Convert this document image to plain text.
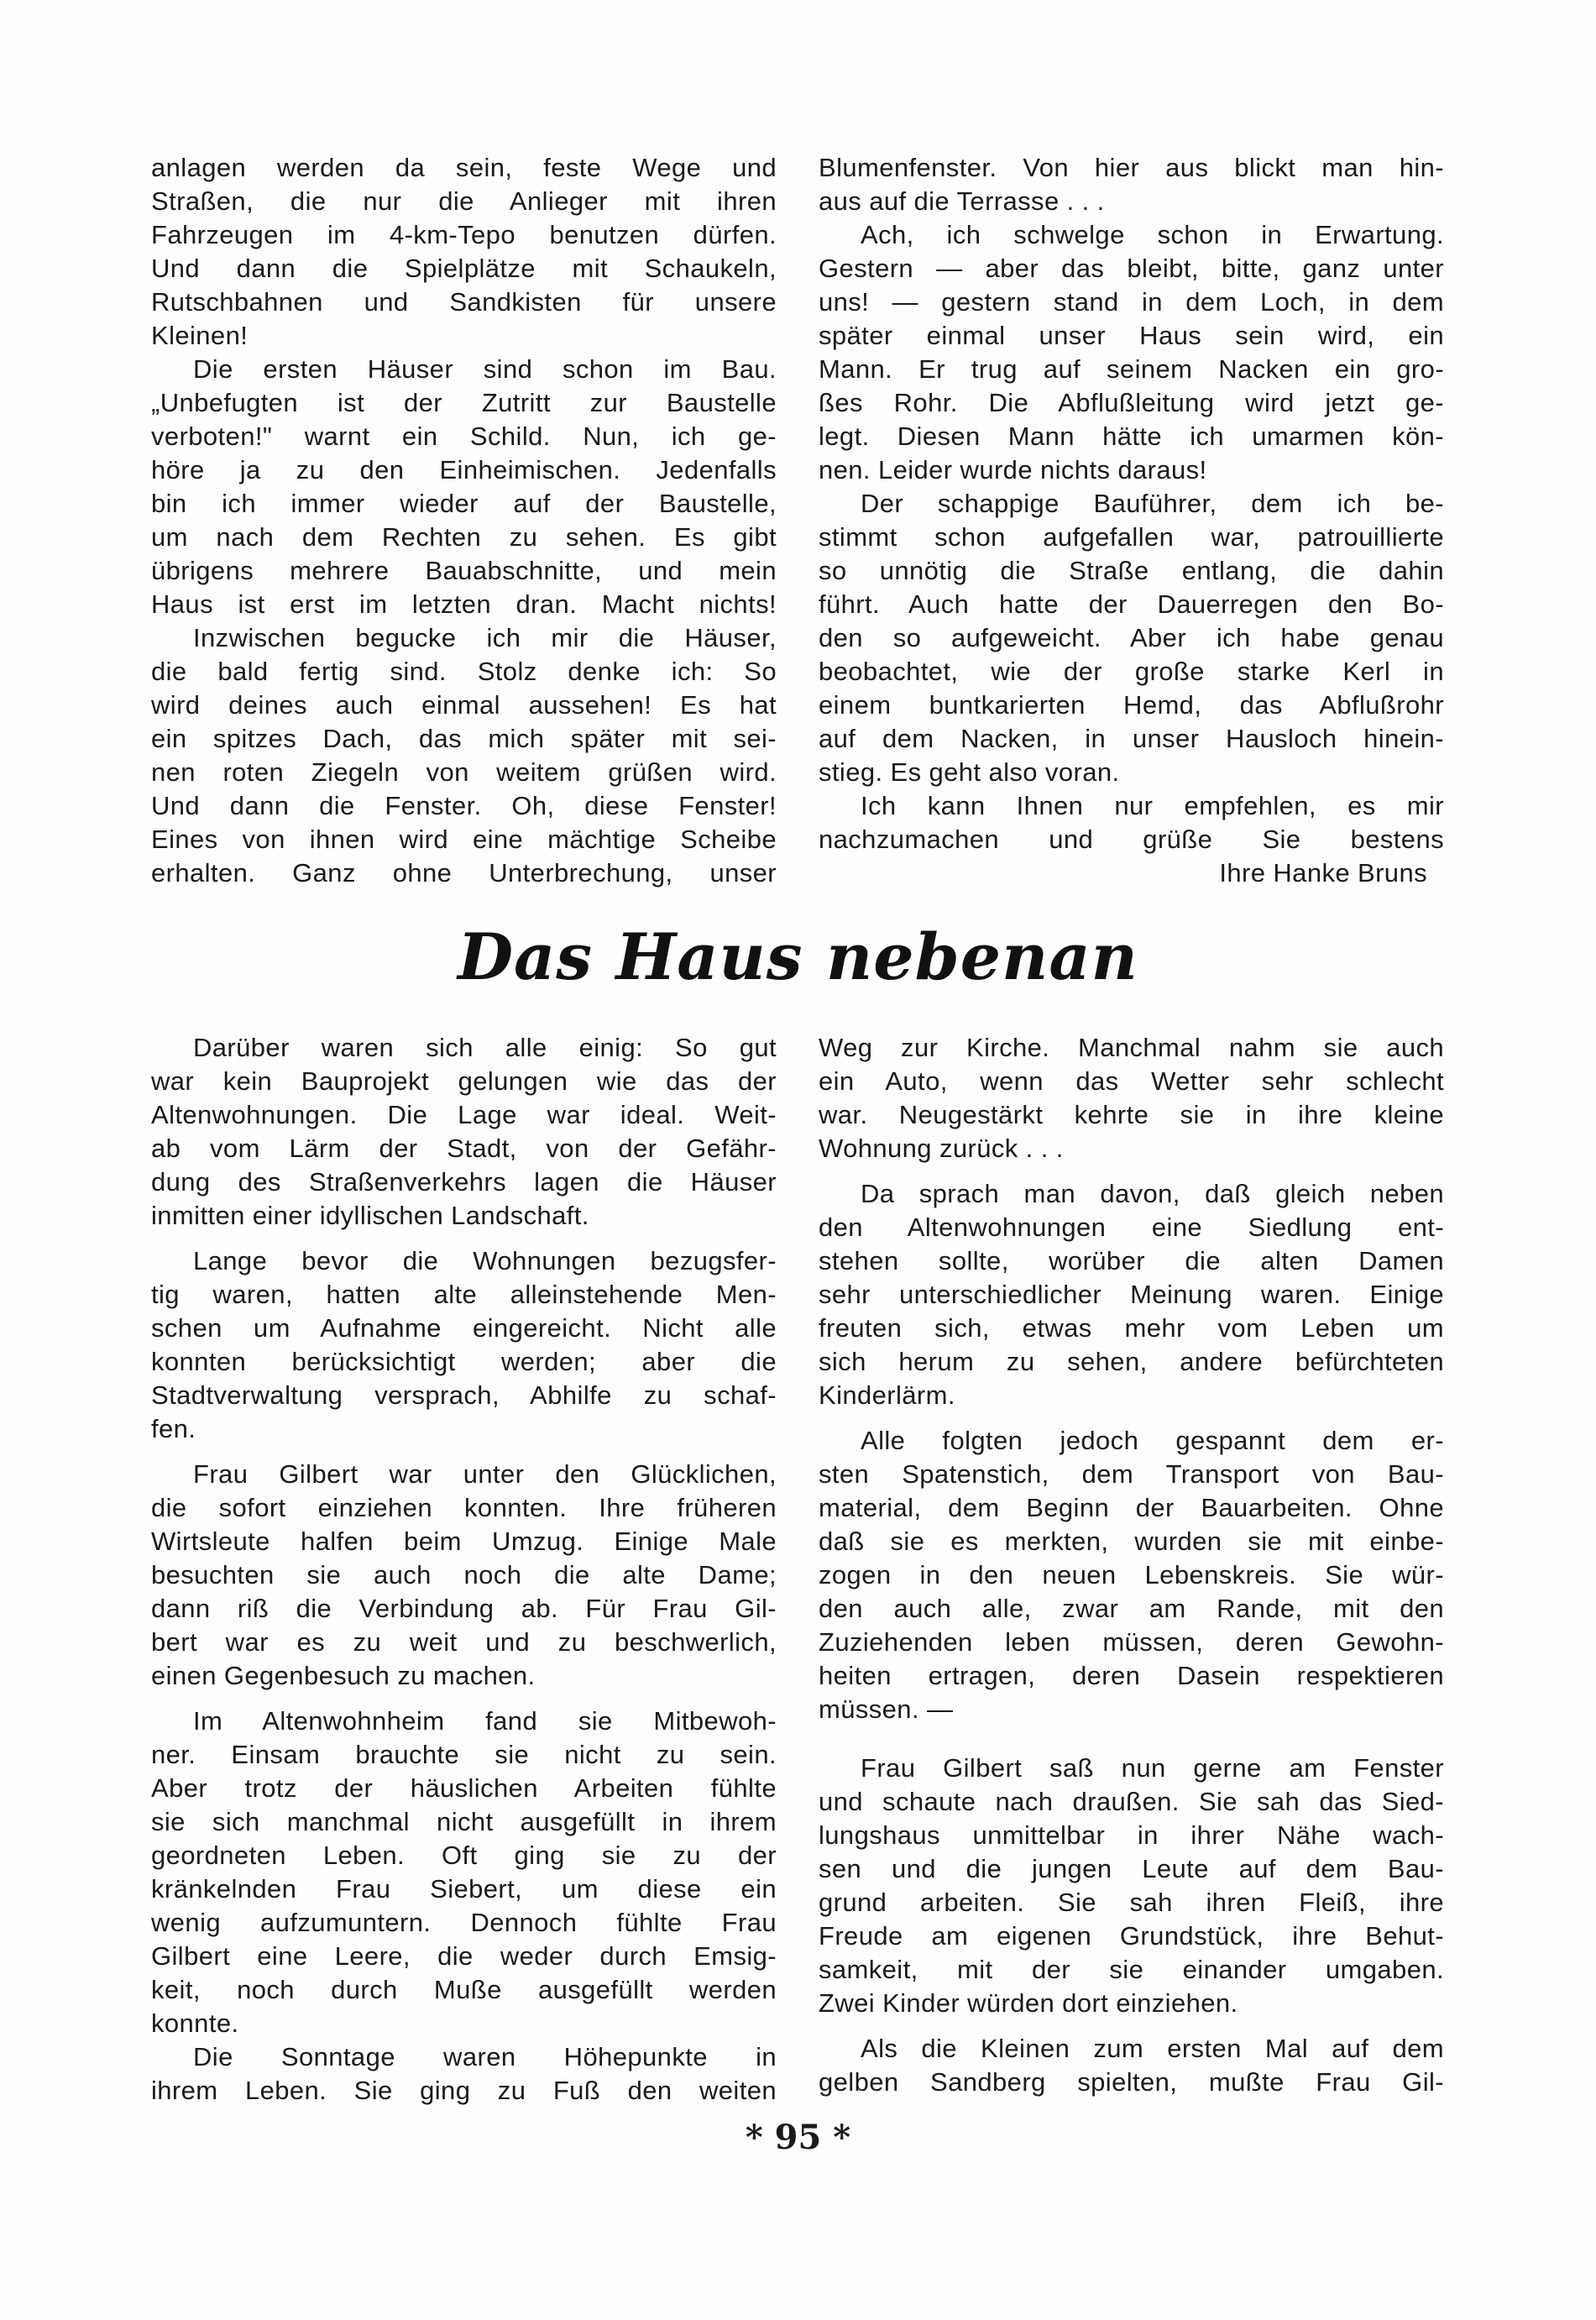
anlagen werden da sein, feste Wege und
Straßen, die nur die Anlieger mit ihren
Fahrzeugen im 4-km-Tepo benutzen dürfen.
Und dann die Spielplätze mit Schaukeln,
Rutschbahnen und Sandkisten für unsere
Kleinen!
Die ersten Häuser sind schon im Bau.
„Unbefugten ist der Zutritt zur Baustelle
verboten!" warnt ein Schild. Nun, ich ge-
höre ja zu den Einheimischen. Jedenfalls
bin ich immer wieder auf der Baustelle,
um nach dem Rechten zu sehen. Es gibt
übrigens mehrere Bauabschnitte, und mein
Haus ist erst im letzten dran. Macht nichts!
Inzwischen begucke ich mir die Häuser,
die bald fertig sind. Stolz denke ich: So
wird deines auch einmal aussehen! Es hat
ein spitzes Dach, das mich später mit sei-
nen roten Ziegeln von weitem grüßen wird.
Und dann die Fenster. Oh, diese Fenster!
Eines von ihnen wird eine mächtige Scheibe
erhalten. Ganz ohne Unterbrechung, unser
Blumenfenster. Von hier aus blickt man hin-
aus auf die Terrasse . . .
Ach, ich schwelge schon in Erwartung.
Gestern — aber das bleibt, bitte, ganz unter
uns! — gestern stand in dem Loch, in dem
später einmal unser Haus sein wird, ein
Mann. Er trug auf seinem Nacken ein gro-
ßes Rohr. Die Abflußleitung wird jetzt ge-
legt. Diesen Mann hätte ich umarmen kön-
nen. Leider wurde nichts daraus!
Der schappige Bauführer, dem ich be-
stimmt schon aufgefallen war, patrouillierte
so unnötig die Straße entlang, die dahin
führt. Auch hatte der Dauerregen den Bo-
den so aufgeweicht. Aber ich habe genau
beobachtet, wie der große starke Kerl in
einem buntkarierten Hemd, das Abflußrohr
auf dem Nacken, in unser Hausloch hinein-
stieg. Es geht also voran.
Ich kann Ihnen nur empfehlen, es mir
nachzumachen und grüße Sie bestens
Ihre Hanke Bruns
Das Haus nebenan
Darüber waren sich alle einig: So gut
war kein Bauprojekt gelungen wie das der
Altenwohnungen. Die Lage war ideal. Weit-
ab vom Lärm der Stadt, von der Gefähr-
dung des Straßenverkehrs lagen die Häuser
inmitten einer idyllischen Landschaft.
Lange bevor die Wohnungen bezugsfer-
tig waren, hatten alte alleinstehende Men-
schen um Aufnahme eingereicht. Nicht alle
konnten berücksichtigt werden; aber die
Stadtverwaltung versprach, Abhilfe zu schaf-
fen.
Frau Gilbert war unter den Glücklichen,
die sofort einziehen konnten. Ihre früheren
Wirtsleute halfen beim Umzug. Einige Male
besuchten sie auch noch die alte Dame;
dann riß die Verbindung ab. Für Frau Gil-
bert war es zu weit und zu beschwerlich,
einen Gegenbesuch zu machen.
Im Altenwohnheim fand sie Mitbewoh-
ner. Einsam brauchte sie nicht zu sein.
Aber trotz der häuslichen Arbeiten fühlte
sie sich manchmal nicht ausgefüllt in ihrem
geordneten Leben. Oft ging sie zu der
kränkelnden Frau Siebert, um diese ein
wenig aufzumuntern. Dennoch fühlte Frau
Gilbert eine Leere, die weder durch Emsig-
keit, noch durch Muße ausgefüllt werden
konnte.
Die Sonntage waren Höhepunkte in
ihrem Leben. Sie ging zu Fuß den weiten
Weg zur Kirche. Manchmal nahm sie auch
ein Auto, wenn das Wetter sehr schlecht
war. Neugestärkt kehrte sie in ihre kleine
Wohnung zurück . . .
Da sprach man davon, daß gleich neben
den Altenwohnungen eine Siedlung ent-
stehen sollte, worüber die alten Damen
sehr unterschiedlicher Meinung waren. Einige
freuten sich, etwas mehr vom Leben um
sich herum zu sehen, andere befürchteten
Kinderlärm.
Alle folgten jedoch gespannt dem er-
sten Spatenstich, dem Transport von Bau-
material, dem Beginn der Bauarbeiten. Ohne
daß sie es merkten, wurden sie mit einbe-
zogen in den neuen Lebenskreis. Sie wür-
den auch alle, zwar am Rande, mit den
Zuziehenden leben müssen, deren Gewohn-
heiten ertragen, deren Dasein respektieren
müssen. —
Frau Gilbert saß nun gerne am Fenster
und schaute nach draußen. Sie sah das Sied-
lungshaus unmittelbar in ihrer Nähe wach-
sen und die jungen Leute auf dem Bau-
grund arbeiten. Sie sah ihren Fleiß, ihre
Freude am eigenen Grundstück, ihre Behut-
samkeit, mit der sie einander umgaben.
Zwei Kinder würden dort einziehen.
Als die Kleinen zum ersten Mal auf dem
gelben Sandberg spielten, mußte Frau Gil-
* 95 *
